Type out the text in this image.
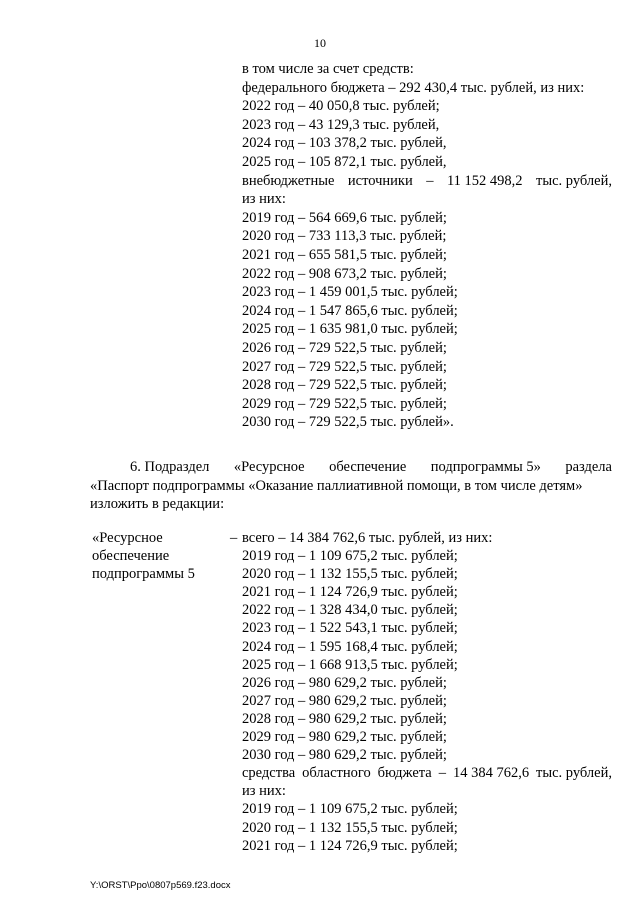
10
в том числе за счет средств:
федерального бюджета – 292 430,4 тыс. рублей, из них:
2022 год – 40 050,8 тыс. рублей;
2023 год – 43 129,3 тыс. рублей,
2024 год – 103 378,2 тыс. рублей,
2025 год – 105 872,1 тыс. рублей,
внебюджетные источники – 11 152 498,2 тыс. рублей,
из них:
2019 год – 564 669,6 тыс. рублей;
2020 год – 733 113,3 тыс. рублей;
2021 год – 655 581,5 тыс. рублей;
2022 год – 908 673,2 тыс. рублей;
2023 год – 1 459 001,5 тыс. рублей;
2024 год – 1 547 865,6 тыс. рублей;
2025 год – 1 635 981,0 тыс. рублей;
2026 год – 729 522,5 тыс. рублей;
2027 год – 729 522,5 тыс. рублей;
2028 год – 729 522,5 тыс. рублей;
2029 год – 729 522,5 тыс. рублей;
2030 год – 729 522,5 тыс. рублей».
6. Подраздел «Ресурсное обеспечение подпрограммы 5» раздела
«Паспорт подпрограммы «Оказание паллиативной помощи, в том числе детям»
изложить в редакции:
«Ресурсное
обеспечение
подпрограммы 5
– всего – 14 384 762,6 тыс. рублей, из них:
2019 год – 1 109 675,2 тыс. рублей;
2020 год – 1 132 155,5 тыс. рублей;
2021 год – 1 124 726,9 тыс. рублей;
2022 год – 1 328 434,0 тыс. рублей;
2023 год – 1 522 543,1 тыс. рублей;
2024 год – 1 595 168,4 тыс. рублей;
2025 год – 1 668 913,5 тыс. рублей;
2026 год – 980 629,2 тыс. рублей;
2027 год – 980 629,2 тыс. рублей;
2028 год – 980 629,2 тыс. рублей;
2029 год – 980 629,2 тыс. рублей;
2030 год – 980 629,2 тыс. рублей;
средства областного бюджета – 14 384 762,6 тыс. рублей,
из них:
2019 год – 1 109 675,2 тыс. рублей;
2020 год – 1 132 155,5 тыс. рублей;
2021 год – 1 124 726,9 тыс. рублей;
Y:\ORST\Ppo\0807p569.f23.docx
